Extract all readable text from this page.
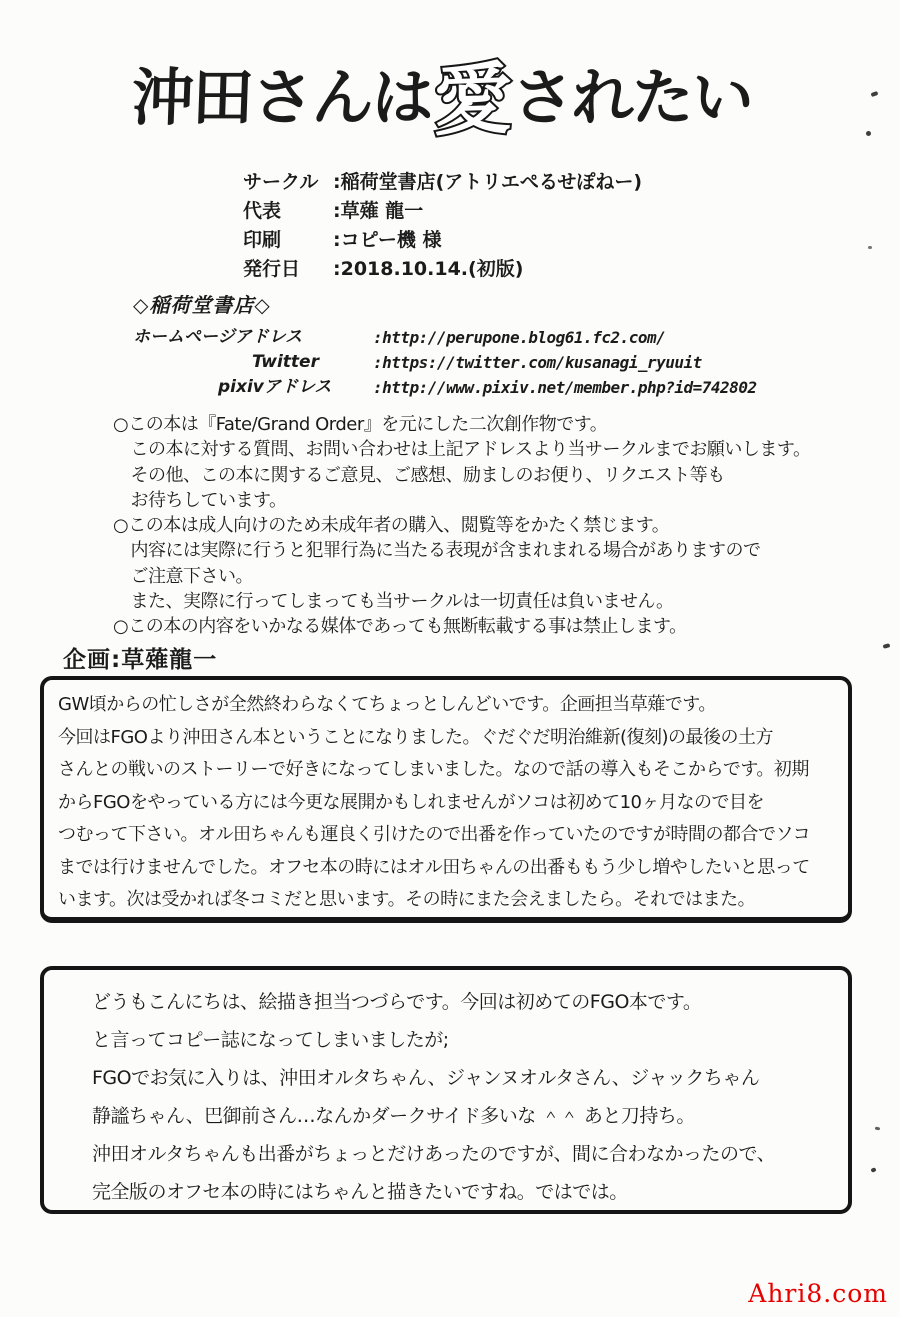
沖田さんは愛されたい
サークル :稲荷堂書店(アトリエぺるせぽねー)
代表	:草薙 龍一
印刷	:コピー機 様
発行日	:2018.10.14.(初版)
◇稲荷堂書店◇
ホームページアドレス	:http://perupone.blog61.fc2.com/
　　　　　　　Twitter	:https://twitter.com/kusanagi_ryuuit
　　　　　pixivアドレス	:http://www.pixiv.net/member.php?id=742802
○この本は『Fate/Grand Order』を元にした二次創作物です。
　この本に対する質問、お問い合わせは上記アドレスより当サークルまでお願いします。
　その他、この本に関するご意見、ご感想、励ましのお便り、リクエスト等も
　お待ちしています。
○この本は成人向けのため未成年者の購入、閲覧等をかたく禁じます。
　内容には実際に行うと犯罪行為に当たる表現が含まれまれる場合がありますので
　ご注意下さい。
　また、実際に行ってしまっても当サークルは一切責任は負いません。
○この本の内容をいかなる媒体であっても無断転載する事は禁止します。
企画:草薙龍一
GW頃からの忙しさが全然終わらなくてちょっとしんどいです。企画担当草薙です。
今回はFGOより沖田さん本ということになりました。ぐだぐだ明治維新(復刻)の最後の土方
さんとの戦いのストーリーで好きになってしまいました。なので話の導入もそこからです。初期
からFGOをやっている方には今更な展開かもしれませんがソコは初めて10ヶ月なので目を
つむって下さい。オル田ちゃんも運良く引けたので出番を作っていたのですが時間の都合でソコ
までは行けませんでした。オフセ本の時にはオル田ちゃんの出番ももう少し増やしたいと思って
います。次は受かれば冬コミだと思います。その時にまた会えましたら。それではまた。
どうもこんにちは、絵描き担当つづらです。今回は初めてのFGO本です。
と言ってコピー誌になってしまいましたが;
FGOでお気に入りは、沖田オルタちゃん、ジャンヌオルタさん、ジャックちゃん
静謐ちゃん、巴御前さん…なんかダークサイド多いな ＾＾ あと刀持ち。
沖田オルタちゃんも出番がちょっとだけあったのですが、間に合わなかったので、
完全版のオフセ本の時にはちゃんと描きたいですね。ではでは。
Ahri8.com
